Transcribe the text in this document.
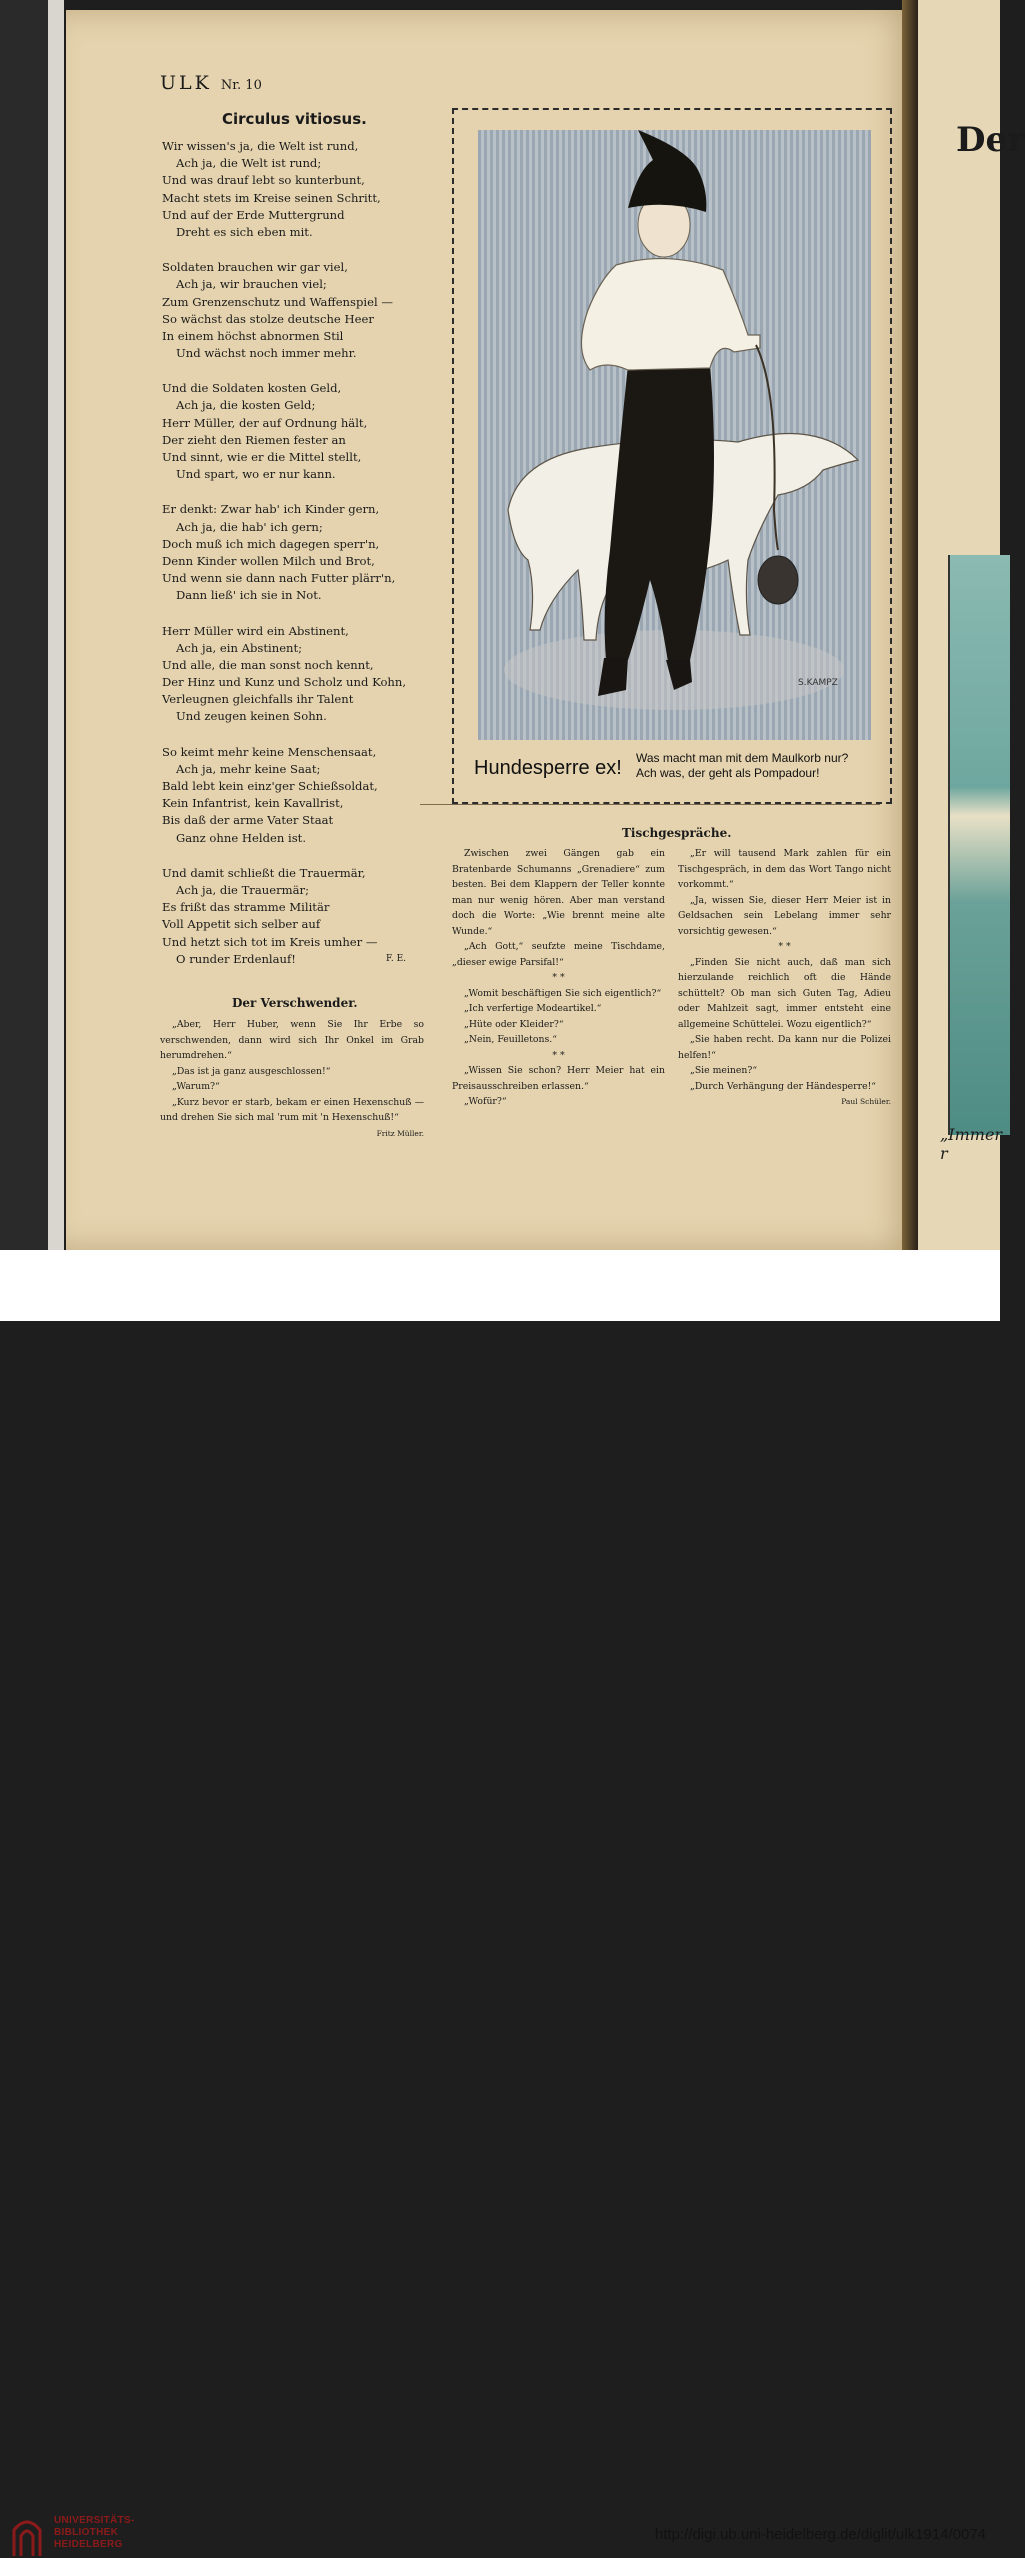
Der
„Immer r
ULK Nr. 10
Circulus vitiosus.
Wir wissen's ja, die Welt ist rund,
Ach ja, die Welt ist rund;
Und was drauf lebt so kunterbunt,
Macht stets im Kreise seinen Schritt,
Und auf der Erde Muttergrund
Dreht es sich eben mit.
Soldaten brauchen wir gar viel,
Ach ja, wir brauchen viel;
Zum Grenzenschutz und Waffenspiel —
So wächst das stolze deutsche Heer
In einem höchst abnormen Stil
Und wächst noch immer mehr.
Und die Soldaten kosten Geld,
Ach ja, die kosten Geld;
Herr Müller, der auf Ordnung hält,
Der zieht den Riemen fester an
Und sinnt, wie er die Mittel stellt,
Und spart, wo er nur kann.
Er denkt: Zwar hab' ich Kinder gern,
Ach ja, die hab' ich gern;
Doch muß ich mich dagegen sperr'n,
Denn Kinder wollen Milch und Brot,
Und wenn sie dann nach Futter plärr'n,
Dann ließ' ich sie in Not.
Herr Müller wird ein Abstinent,
Ach ja, ein Abstinent;
Und alle, die man sonst noch kennt,
Der Hinz und Kunz und Scholz und Kohn,
Verleugnen gleichfalls ihr Talent
Und zeugen keinen Sohn.
So keimt mehr keine Menschensaat,
Ach ja, mehr keine Saat;
Bald lebt kein einz'ger Schießsoldat,
Kein Infantrist, kein Kavallrist,
Bis daß der arme Vater Staat
Ganz ohne Helden ist.
Und damit schließt die Trauermär,
Ach ja, die Trauermär;
Es frißt das stramme Militär
Voll Appetit sich selber auf
Und hetzt sich tot im Kreis umher —
O runder Erdenlauf!	F. E.
Der Verschwender.

„Aber, Herr Huber, wenn Sie Ihr Erbe so verschwenden, dann wird sich Ihr Onkel im Grab herumdrehen.“

„Das ist ja ganz ausgeschlossen!“

„Warum?“

„Kurz bevor er starb, bekam er einen Hexenschuß — und drehen Sie sich mal 'rum mit 'n Hexenschuß!“

Fritz Müller.

S.KAMPZ
Hundesperre ex! Was macht man mit dem Maulkorb nur?
Ach was, der geht als Pompadour!
Tischgespräche.

Zwischen zwei Gängen gab ein Bratenbarde Schumanns „Grenadiere“ zum besten. Bei dem Klappern der Teller konnte man nur wenig hören. Aber man verstand doch die Worte: „Wie brennt meine alte Wunde.“

„Ach Gott,“ seufzte meine Tischdame, „dieser ewige Parsifal!“

* *

„Womit beschäftigen Sie sich eigentlich?“

„Ich verfertige Modeartikel.“

„Hüte oder Kleider?“

„Nein, Feuilletons.“

* *

„Wissen Sie schon? Herr Meier hat ein Preisausschreiben erlassen.“

„Wofür?“

„Er will tausend Mark zahlen für ein Tischgespräch, in dem das Wort Tango nicht vorkommt.“

„Ja, wissen Sie, dieser Herr Meier ist in Geldsachen sein Lebelang immer sehr vorsichtig gewesen.“

* *

„Finden Sie nicht auch, daß man sich hierzulande reichlich oft die Hände schüttelt? Ob man sich Guten Tag, Adieu oder Mahlzeit sagt, immer entsteht eine allgemeine Schüttelei. Wozu eigentlich?“

„Sie haben recht. Da kann nur die Polizei helfen!“

„Sie meinen?“

„Durch Verhängung der Händesperre!“

Paul Schüler.

UNIVERSITÄTS-
BIBLIOTHEK
HEIDELBERG
http://digi.ub.uni-heidelberg.de/diglit/ulk1914/0074
